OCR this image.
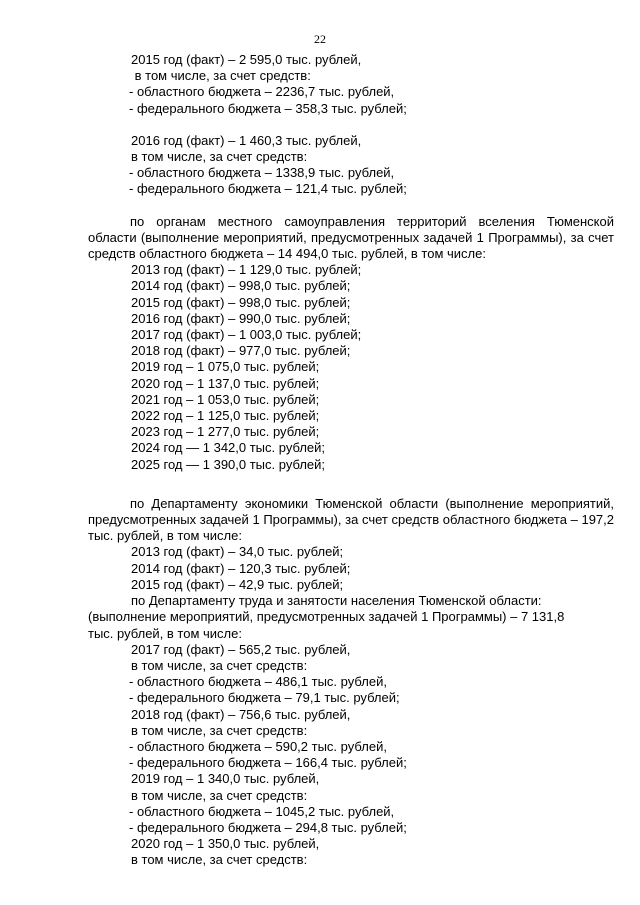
22

2015 год (факт) – 2 595,0 тыс. рублей,

в том числе, за счет средств:

- областного бюджета – 2236,7 тыс. рублей,

- федерального бюджета – 358,3 тыс. рублей;

2016 год (факт) – 1 460,3 тыс. рублей,

в том числе, за счет средств:

- областного бюджета – 1338,9 тыс. рублей,

- федерального бюджета – 121,4 тыс. рублей;

по органам местного самоуправления территорий вселения Тюменской области (выполнение мероприятий, предусмотренных задачей 1 Программы), за счет средств областного бюджета – 14 494,0 тыс. рублей, в том числе:

2013 год (факт) – 1 129,0 тыс. рублей;

2014 год (факт) – 998,0 тыс. рублей;

2015 год (факт) – 998,0 тыс. рублей;

2016 год (факт) – 990,0 тыс. рублей;

2017 год (факт) – 1 003,0 тыс. рублей;

2018 год (факт) – 977,0 тыс. рублей;

2019 год – 1 075,0 тыс. рублей;

2020 год – 1 137,0 тыс. рублей;

2021 год – 1 053,0 тыс. рублей;

2022 год – 1 125,0 тыс. рублей;

2023 год – 1 277,0 тыс. рублей;

2024 год — 1 342,0 тыс. рублей;

2025 год — 1 390,0 тыс. рублей;

по Департаменту экономики Тюменской области (выполнение мероприятий, предусмотренных задачей 1 Программы), за счет средств областного бюджета – 197,2 тыс. рублей, в том числе:

2013 год (факт) – 34,0 тыс. рублей;

2014 год (факт) – 120,3 тыс. рублей;

2015 год (факт) – 42,9 тыс. рублей;

по Департаменту труда и занятости населения Тюменской области:

(выполнение мероприятий, предусмотренных задачей 1 Программы) – 7 131,8

тыс. рублей, в том числе:

2017 год (факт) – 565,2 тыс. рублей,

в том числе, за счет средств:

- областного бюджета – 486,1 тыс. рублей,

- федерального бюджета – 79,1 тыс. рублей;

2018 год (факт) – 756,6 тыс. рублей,

в том числе, за счет средств:

- областного бюджета – 590,2 тыс. рублей,

- федерального бюджета – 166,4 тыс. рублей;

2019 год – 1 340,0 тыс. рублей,

в том числе, за счет средств:

- областного бюджета – 1045,2 тыс. рублей,

- федерального бюджета – 294,8 тыс. рублей;

2020 год – 1 350,0 тыс. рублей,

в том числе, за счет средств:
